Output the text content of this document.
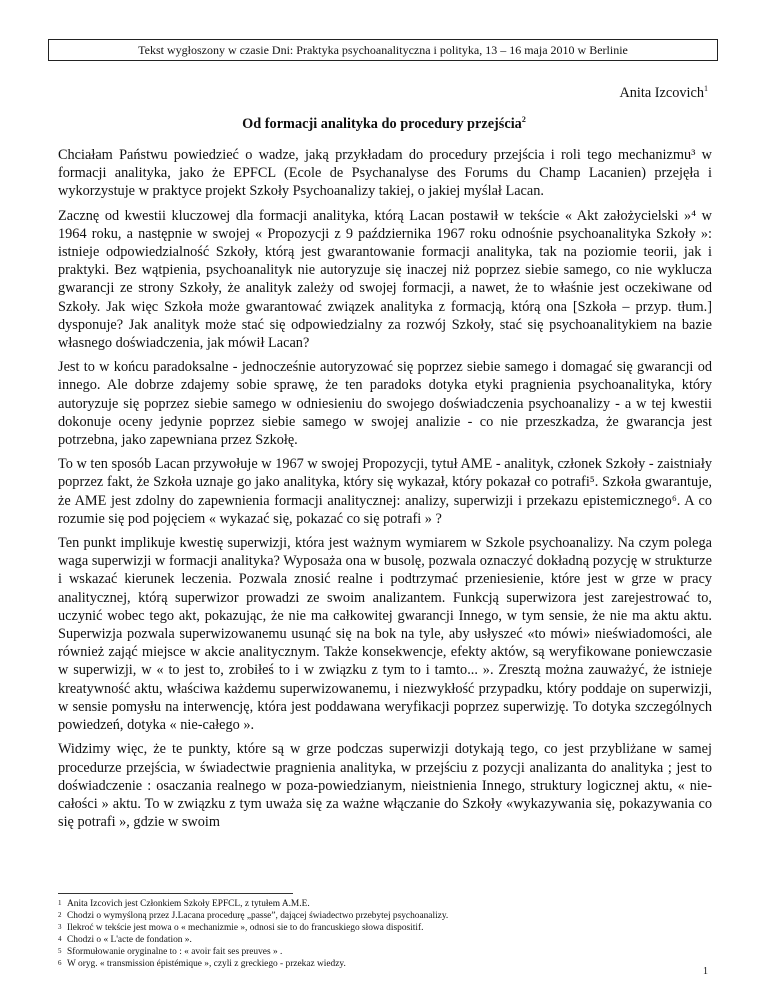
Tekst wygłoszony w czasie Dni: Praktyka psychoanalityczna i polityka, 13 – 16 maja 2010 w Berlinie
Anita Izcovich$^1$
Od formacji analityka do procedury przejścia$^2$

Chciałam Państwu powiedzieć o wadze, jaką przykładam do procedury przejścia i roli tego mechanizmu³ w formacji analityka, jako że EPFCL (Ecole de Psychanalyse des Forums du Champ Lacanien) przejęła i wykorzystuje w praktyce projekt Szkoły Psychoanalizy takiej, o jakiej myślał Lacan.

Zacznę od kwestii kluczowej dla formacji analityka, którą Lacan postawił w tekście « Akt założycielski »⁴ w 1964 roku, a następnie w swojej « Propozycji z 9 października 1967 roku odnośnie psychoanalityka Szkoły »: istnieje odpowiedzialność Szkoły, którą jest gwarantowanie formacji analityka, tak na poziomie teorii, jak i praktyki. Bez wątpienia, psychoanalityk nie autoryzuje się inaczej niż poprzez siebie samego, co nie wyklucza gwarancji ze strony Szkoły, że analityk zależy od swojej formacji, a nawet, że to właśnie jest oczekiwane od Szkoły. Jak więc Szkoła może gwarantować związek analityka z formacją, którą ona [Szkoła – przyp. tłum.] dysponuje? Jak analityk może stać się odpowiedzialny za rozwój Szkoły, stać się psychoanalitykiem na bazie własnego doświadczenia, jak mówił Lacan?

Jest to w końcu paradoksalne - jednocześnie autoryzować się poprzez siebie samego i domagać się gwarancji od innego. Ale dobrze zdajemy sobie sprawę, że ten paradoks dotyka etyki pragnienia psychoanalityka, który autoryzuje się poprzez siebie samego w odniesieniu do swojego doświadczenia psychoanalizy - a w tej kwestii dokonuje oceny jedynie poprzez siebie samego w swojej analizie - co nie przeszkadza, że gwarancja jest potrzebna, jako zapewniana przez Szkołę.

To w ten sposób Lacan przywołuje w 1967 w swojej Propozycji, tytuł AME - analityk, członek Szkoły - zaistniały poprzez fakt, że Szkoła uznaje go jako analityka, który się wykazał, który pokazał co potrafi⁵. Szkoła gwarantuje, że AME jest zdolny do zapewnienia formacji analitycznej: analizy, superwizji i przekazu epistemicznego⁶. A co rozumie się pod pojęciem « wykazać się, pokazać co się potrafi » ?

Ten punkt implikuje kwestię superwizji, która jest ważnym wymiarem w Szkole psychoanalizy. Na czym polega waga superwizji w formacji analityka? Wyposaża ona w busolę, pozwala oznaczyć dokładną pozycję w strukturze i wskazać kierunek leczenia. Pozwala znosić realne i podtrzymać przeniesienie, które jest w grze w pracy analitycznej, którą superwizor prowadzi ze swoim analizantem. Funkcją superwizora jest zarejestrować to, uczynić wobec tego akt, pokazując, że nie ma całkowitej gwarancji Innego, w tym sensie, że nie ma aktu aktu. Superwizja pozwala superwizowanemu usunąć się na bok na tyle, aby usłyszeć «to mówi» nieświadomości, ale również zająć miejsce w akcie analitycznym. Także konsekwencje, efekty aktów, są weryfikowane poniewczasie w superwizji, w « to jest to, zrobiłeś to i w związku z tym to i tamto... ». Zresztą można zauważyć, że istnieje kreatywność aktu, właściwa każdemu superwizowanemu, i niezwykłość przypadku, który poddaje on superwizji, w sensie pomysłu na interwencję, która jest poddawana weryfikacji poprzez superwizję. To dotyka szczególnych powiedzeń, dotyka « nie-całego ».

Widzimy więc, że te punkty, które są w grze podczas superwizji dotykają tego, co jest przybliżane w samej procedurze przejścia, w świadectwie pragnienia analityka, w przejściu z pozycji analizanta do analityka ; jest to doświadczenie : osaczania realnego w poza-powiedzianym, nieistnienia Innego, struktury logicznej aktu, « nie-całości » aktu. To w związku z tym uważa się za ważne włączanie do Szkoły «wykazywania się, pokazywania co się potrafi », gdzie w swoim

1 Anita Izcovich jest Członkiem Szkoły EPFCL, z tytułem A.M.E.
2 Chodzi o wymyśloną przez J.Lacana procedurę „passe”, dającej świadectwo przebytej psychoanalizy.
3 Ilekroć w tekście jest mowa o « mechanizmie », odnosi sie to do francuskiego słowa dispositif.
4 Chodzi o « L'acte de fondation ».
5 Sformułowanie oryginalne to : « avoir fait ses preuves » .
6 W oryg. « transmission épistémique », czyli z greckiego - przekaz wiedzy.
1
